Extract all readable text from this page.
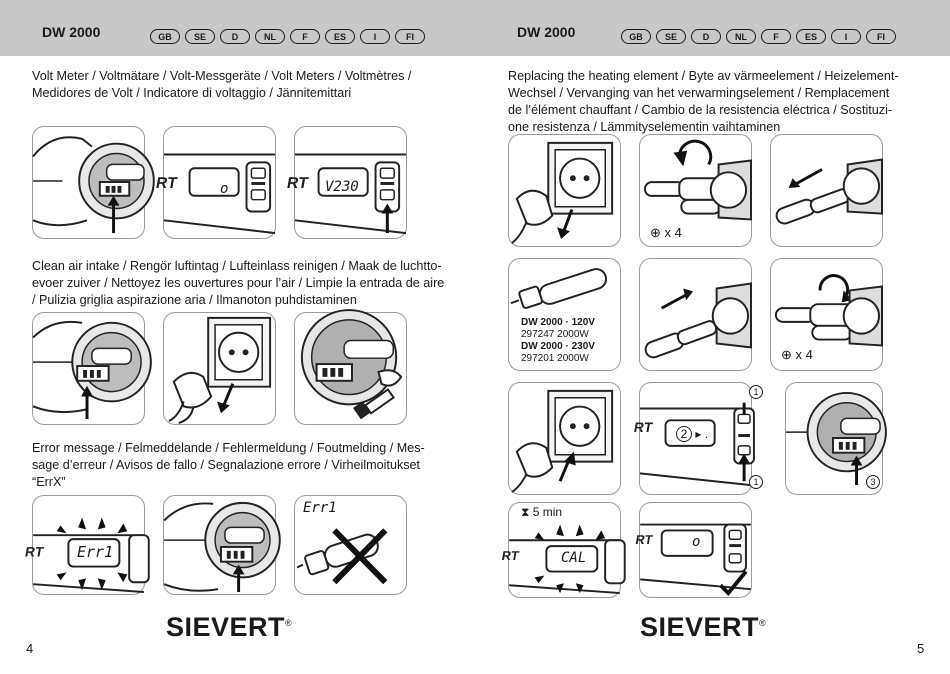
DW 2000	GB	SE	D	NL	F	ES	I	FI
Volt Meter / Voltmätare / Volt-Messgeräte / Volt Meters / Voltmètres /
Medidores de Volt / Indicatore di voltaggio / Jännitemittari
RT	o	RT V230
Clean air intake / Rengör luftintag / Lufteinlass reinigen / Maak de luchtto-
evoer zuiver / Nettoyez les ouvertures pour l’air / Limpie la entrada de aire
/ Pulizia griglia aspirazione aria / Ilmanoton puhdistaminen
Error message / Felmeddelande / Fehlermeldung / Foutmelding / Mes-
sage d’erreur / Avisos de fallo / Segnalazione errore / Virheilmoitukset
“ErrX”
RT Err1
Err1
SIEVERT®
4
DW 2000	GB	SE	D	NL	F	ES	I	FI
Replacing the heating element / Byte av värmeelement / Heizelement-
Wechsel / Vervanging van het verwarmingselement / Remplacement
de l’élément chauffant / Cambio de la resistencia eléctrica / Sostituzi-
one resistenza / Lämmityselementin vaihtaminen
⊕ x 4
DW 2000 · 120V
297247 2000W
DW 2000 · 230V
297201 2000W	⊕ x 4
RT	2 ▸ .
1
1	3
⧗ 5 min
RT	CAL
RT	o
SIEVERT®
5
